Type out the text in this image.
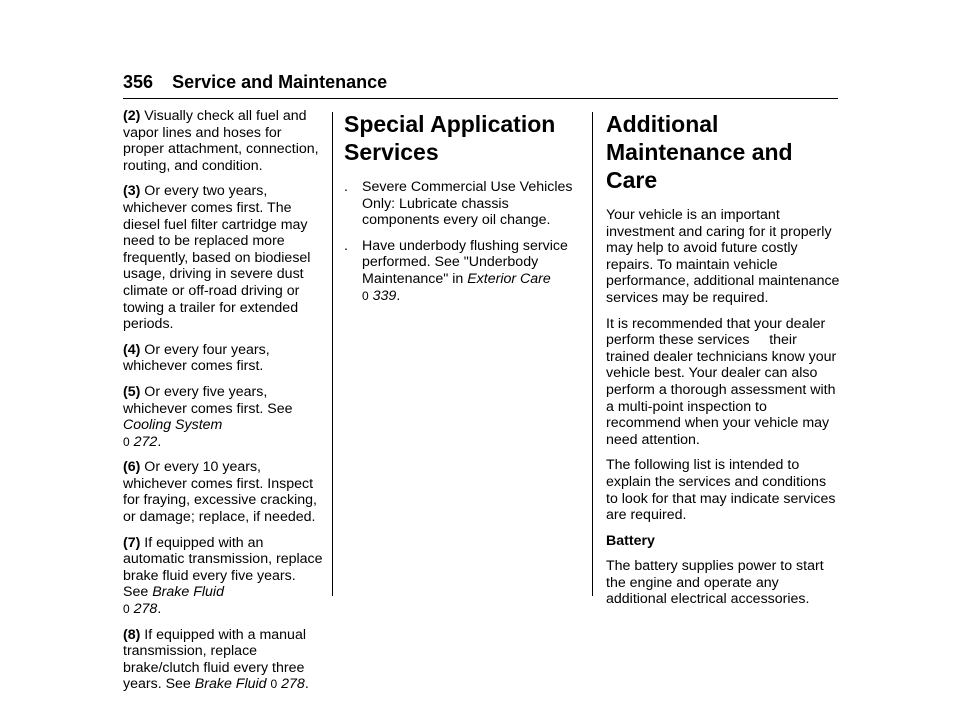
356 Service and Maintenance

(2) Visually check all fuel and vapor lines and hoses for proper attachment, connection, routing, and condition.

(3) Or every two years, whichever comes first. The diesel fuel filter cartridge may need to be replaced more frequently, based on biodiesel usage, driving in severe dust climate or off-road driving or towing a trailer for extended periods.

(4) Or every four years, whichever comes first.

(5) Or every five years, whichever comes first. See Cooling System
0 272.

(6) Or every 10 years, whichever comes first. Inspect for fraying, excessive cracking, or damage; replace, if needed.

(7) If equipped with an automatic transmission, replace brake fluid every five years. See Brake Fluid
0 278.

(8) If equipped with a manual transmission, replace brake/clutch fluid every three years. See Brake Fluid 0 278.

Special Application Services
. Severe Commercial Use Vehicles Only: Lubricate chassis components every oil change.
. Have underbody flushing service performed. See "Underbody Maintenance" in Exterior Care
0 339.
Additional Maintenance and Care

Your vehicle is an important investment and caring for it properly may help to avoid future costly repairs. To maintain vehicle performance, additional maintenance services may be required.

It is recommended that your dealer perform these services     their trained dealer technicians know your vehicle best. Your dealer can also perform a thorough assessment with a multi-point inspection to recommend when your vehicle may need attention.

The following list is intended to explain the services and conditions to look for that may indicate services are required.

Battery

The battery supplies power to start the engine and operate any additional electrical accessories.
